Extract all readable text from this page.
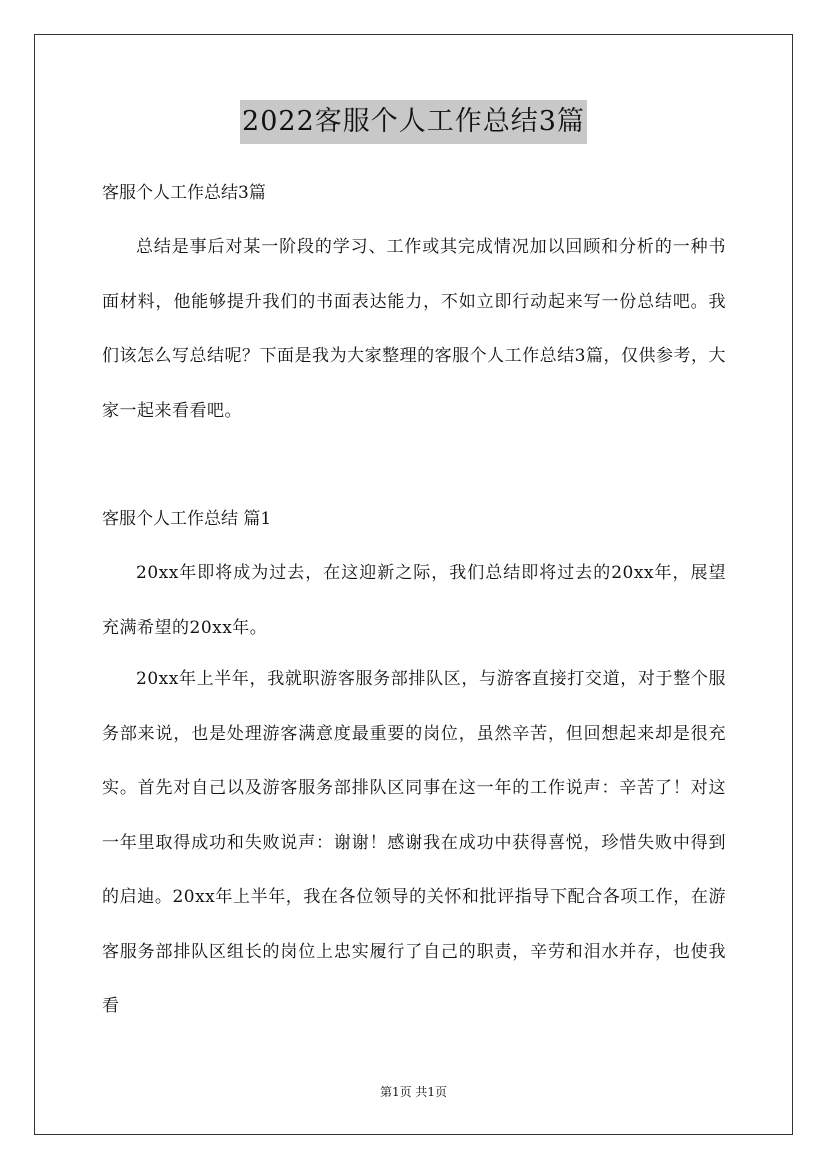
2022客服个人工作总结3篇
客服个人工作总结3篇

总结是事后对某一阶段的学习、工作或其完成情况加以回顾和分析的一种书面材料，他能够提升我们的书面表达能力，不如立即行动起来写一份总结吧。我们该怎么写总结呢？下面是我为大家整理的客服个人工作总结3篇，仅供参考，大家一起来看看吧。

客服个人工作总结 篇1

20xx年即将成为过去，在这迎新之际，我们总结即将过去的20xx年，展望充满希望的20xx年。

20xx年上半年，我就职游客服务部排队区，与游客直接打交道，对于整个服务部来说，也是处理游客满意度最重要的岗位，虽然辛苦，但回想起来却是很充实。首先对自己以及游客服务部排队区同事在这一年的工作说声：辛苦了！对这一年里取得成功和失败说声：谢谢！感谢我在成功中获得喜悦，珍惜失败中得到的启迪。20xx年上半年，我在各位领导的关怀和批评指导下配合各项工作，在游客服务部排队区组长的岗位上忠实履行了自己的职责，辛劳和泪水并存，也使我看

第1页 共1页
